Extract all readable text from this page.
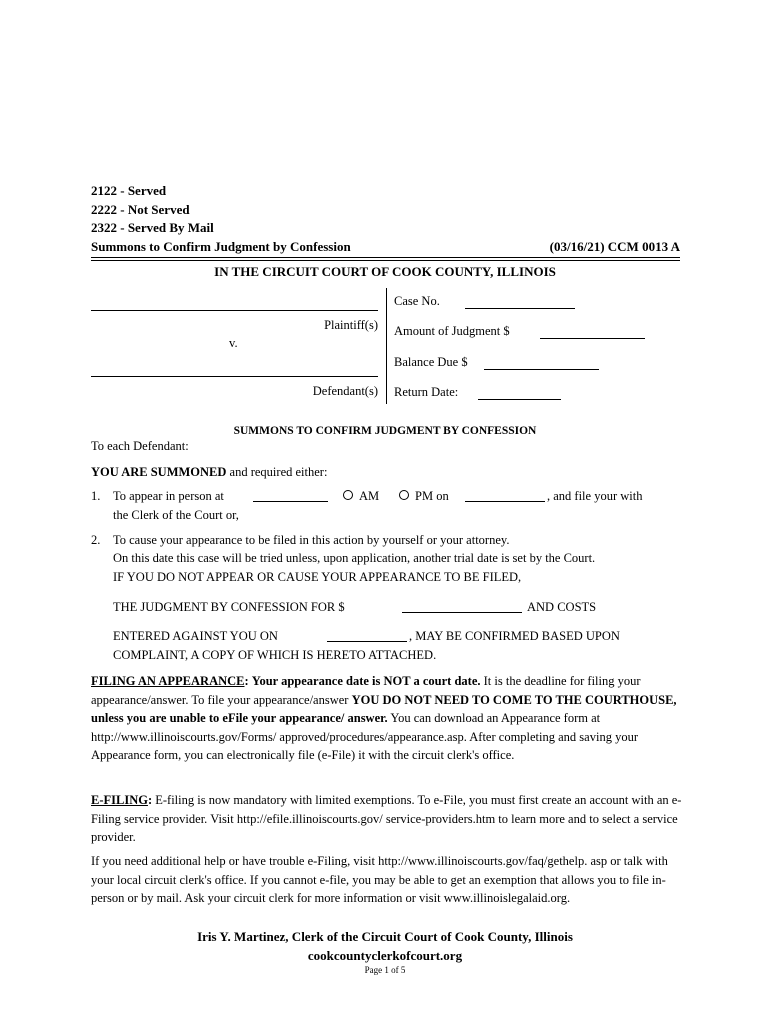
2122 - Served
2222 - Not Served
2322 - Served By Mail
Summons to Confirm Judgment by Confession	(03/16/21) CCM 0013 A
IN THE CIRCUIT COURT OF COOK COUNTY, ILLINOIS
Plaintiff(s)
v.
Defendant(s)
Case No.
Amount of Judgment $
Balance Due $
Return Date:
SUMMONS TO CONFIRM JUDGMENT BY CONFESSION
To each Defendant:
YOU ARE SUMMONED and required either:
1. To appear in person at	AM	PM on	, and file your with
the Clerk of the Court or,
2. To cause your appearance to be filed in this action by yourself or your attorney.
On this date this case will be tried unless, upon application, another trial date is set by the Court.
IF YOU DO NOT APPEAR OR CAUSE YOUR APPEARANCE TO BE FILED,
THE JUDGMENT BY CONFESSION FOR $	AND COSTS
ENTERED AGAINST YOU ON	, MAY BE CONFIRMED BASED UPON
COMPLAINT, A COPY OF WHICH IS HERETO ATTACHED.
FILING AN APPEARANCE: Your appearance date is NOT a court date. It is the deadline for filing your appearance/answer. To file your appearance/answer YOU DO NOT NEED TO COME TO THE COURTHOUSE, unless you are unable to eFile your appearance/ answer. You can download an Appearance form at http://www.illinoiscourts.gov/Forms/ approved/procedures/appearance.asp. After completing and saving your Appearance form, you can electronically file (e-File) it with the circuit clerk's office.
E-FILING: E-filing is now mandatory with limited exemptions. To e-File, you must first create an account with an e-Filing service provider. Visit http://efile.illinoiscourts.gov/ service-providers.htm to learn more and to select a service provider.
If you need additional help or have trouble e-Filing, visit http://www.illinoiscourts.gov/faq/gethelp. asp or talk with your local circuit clerk's office. If you cannot e-file, you may be able to get an exemption that allows you to file in-person or by mail. Ask your circuit clerk for more information or visit www.illinoislegalaid.org.
Iris Y. Martinez, Clerk of the Circuit Court of Cook County, Illinois
cookcountyclerkofcourt.org
Page 1 of 5
